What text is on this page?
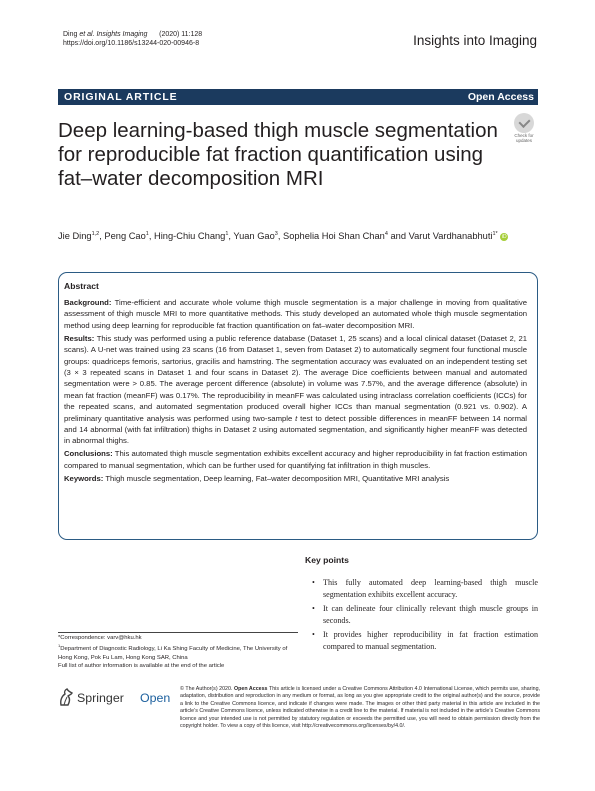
Ding et al. Insights Imaging (2020) 11:128
https://doi.org/10.1186/s13244-020-00946-8	Insights into Imaging
ORIGINAL ARTICLE	Open Access
Deep learning-based thigh muscle segmentation for reproducible fat fraction quantification using fat–water decomposition MRI
Check for
updates
Jie Ding$^{1,2}$, Peng Cao$^1$, Hing-Chiu Chang$^1$, Yuan Gao$^3$, Sophelia Hoi Shan Chan$^4$ and Varut Vardhanabhuti$^{1*}$ iD
Abstract

Background: Time-efficient and accurate whole volume thigh muscle segmentation is a major challenge in moving from qualitative assessment of thigh muscle MRI to more quantitative methods. This study developed an automated whole thigh muscle segmentation method using deep learning for reproducible fat fraction quantification on fat–water decomposition MRI.

Results: This study was performed using a public reference database (Dataset 1, 25 scans) and a local clinical dataset (Dataset 2, 21 scans). A U-net was trained using 23 scans (16 from Dataset 1, seven from Dataset 2) to automatically segment four functional muscle groups: quadriceps femoris, sartorius, gracilis and hamstring. The segmentation accuracy was evaluated on an independent testing set (3 × 3 repeated scans in Dataset 1 and four scans in Dataset 2). The average Dice coefficients between manual and automated segmentation were > 0.85. The average percent difference (absolute) in volume was 7.57%, and the average difference (absolute) in mean fat fraction (meanFF) was 0.17%. The reproducibility in meanFF was calculated using intraclass correlation coefficients (ICCs) for the repeated scans, and automated segmentation produced overall higher ICCs than manual segmentation (0.921 vs. 0.902). A preliminary quantitative analysis was performed using two-sample t test to detect possible differences in meanFF between 14 normal and 14 abnormal (with fat infiltration) thighs in Dataset 2 using automated segmentation, and significantly higher meanFF was detected in abnormal thighs.

Conclusions: This automated thigh muscle segmentation exhibits excellent accuracy and higher reproducibility in fat fraction estimation compared to manual segmentation, which can be further used for quantifying fat infiltration in thigh muscles.

Keywords: Thigh muscle segmentation, Deep learning, Fat–water decomposition MRI, Quantitative MRI analysis

Key points
• This fully automated deep learning-based thigh muscle segmentation exhibits excellent accuracy.
• It can delineate four clinically relevant thigh muscle groups in seconds.
• It provides higher reproducibility in fat fraction estimation compared to manual segmentation.
*Correspondence: varv@hku.hk
$^1$Department of Diagnostic Radiology, Li Ka Shing Faculty of Medicine, The University of Hong Kong, Pok Fu Lam, Hong Kong SAR, China
Full list of author information is available at the end of the article
Springer Open
© The Author(s) 2020. Open Access This article is licensed under a Creative Commons Attribution 4.0 International License, which permits use, sharing, adaptation, distribution and reproduction in any medium or format, as long as you give appropriate credit to the original author(s) and the source, provide a link to the Creative Commons licence, and indicate if changes were made. The images or other third party material in this article are included in the article’s Creative Commons licence, unless indicated otherwise in a credit line to the material. If material is not included in the article’s Creative Commons licence and your intended use is not permitted by statutory regulation or exceeds the permitted use, you will need to obtain permission directly from the copyright holder. To view a copy of this licence, visit http://creativecommons.org/licenses/by/4.0/.
